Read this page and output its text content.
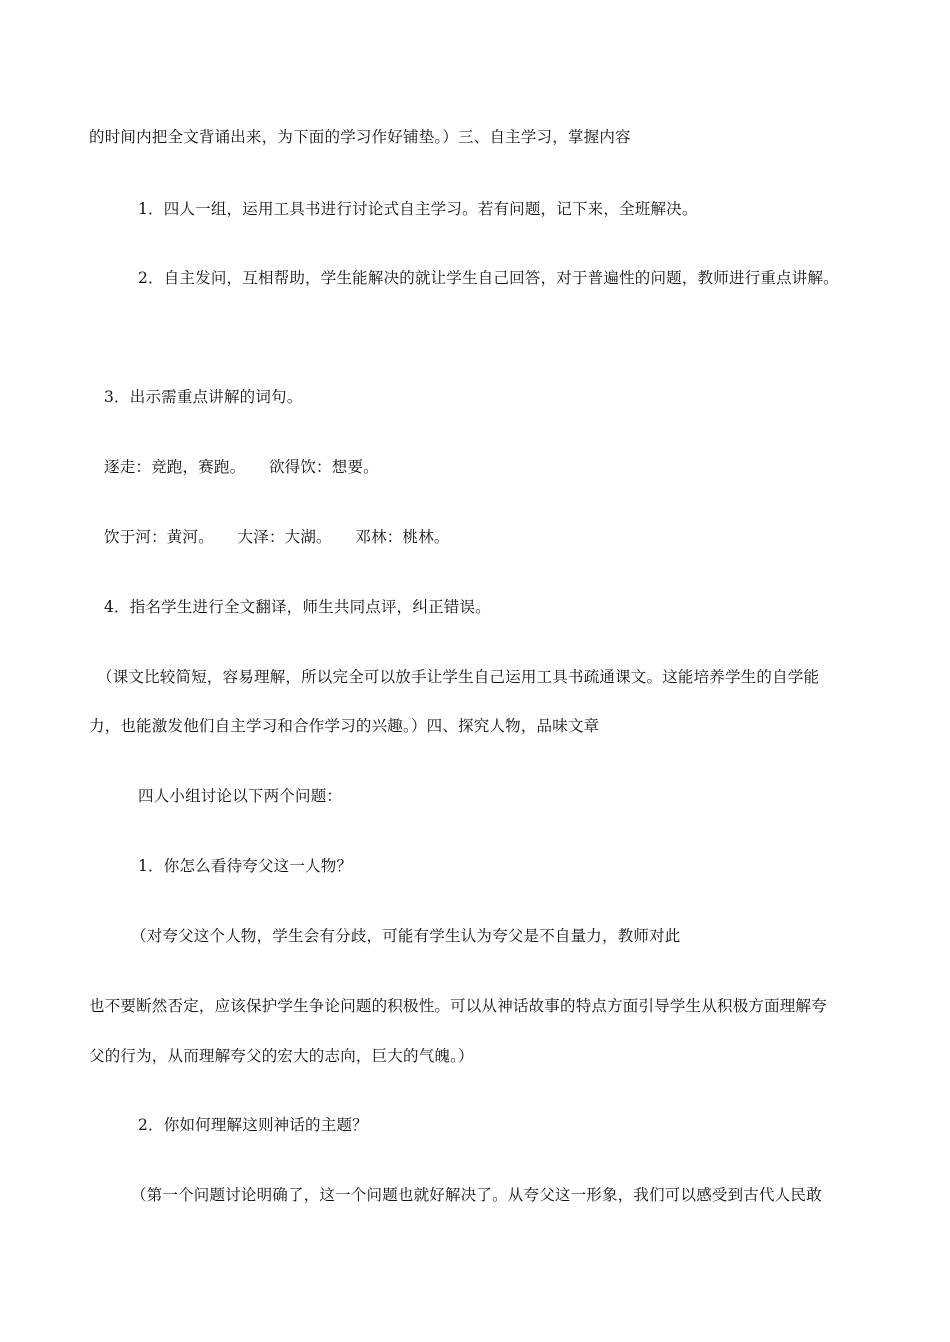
的时间内把全文背诵出来，为下面的学习作好铺垫。）三、自主学习，掌握内容
1．四人一组，运用工具书进行讨论式自主学习。若有问题，记下来，全班解决。
2．自主发问，互相帮助，学生能解决的就让学生自己回答，对于普遍性的问题，教师进行重点讲解。
3．出示需重点讲解的词句。
逐走：竞跑，赛跑。　　欲得饮：想要。
饮于河：黄河。　　大泽：大湖。　　邓林：桃林。
4．指名学生进行全文翻译，师生共同点评，纠正错误。
（课文比较简短，容易理解，所以完全可以放手让学生自己运用工具书疏通课文。这能培养学生的自学能
力，也能激发他们自主学习和合作学习的兴趣。）四、探究人物，品味文章
四人小组讨论以下两个问题：
1．你怎么看待夸父这一人物？
（对夸父这个人物，学生会有分歧，可能有学生认为夸父是不自量力，教师对此
也不要断然否定，应该保护学生争论问题的积极性。可以从神话故事的特点方面引导学生从积极方面理解夸
父的行为，从而理解夸父的宏大的志向，巨大的气魄。）
2．你如何理解这则神话的主题？
（第一个问题讨论明确了，这一个问题也就好解决了。从夸父这一形象，我们可以感受到古代人民敢
